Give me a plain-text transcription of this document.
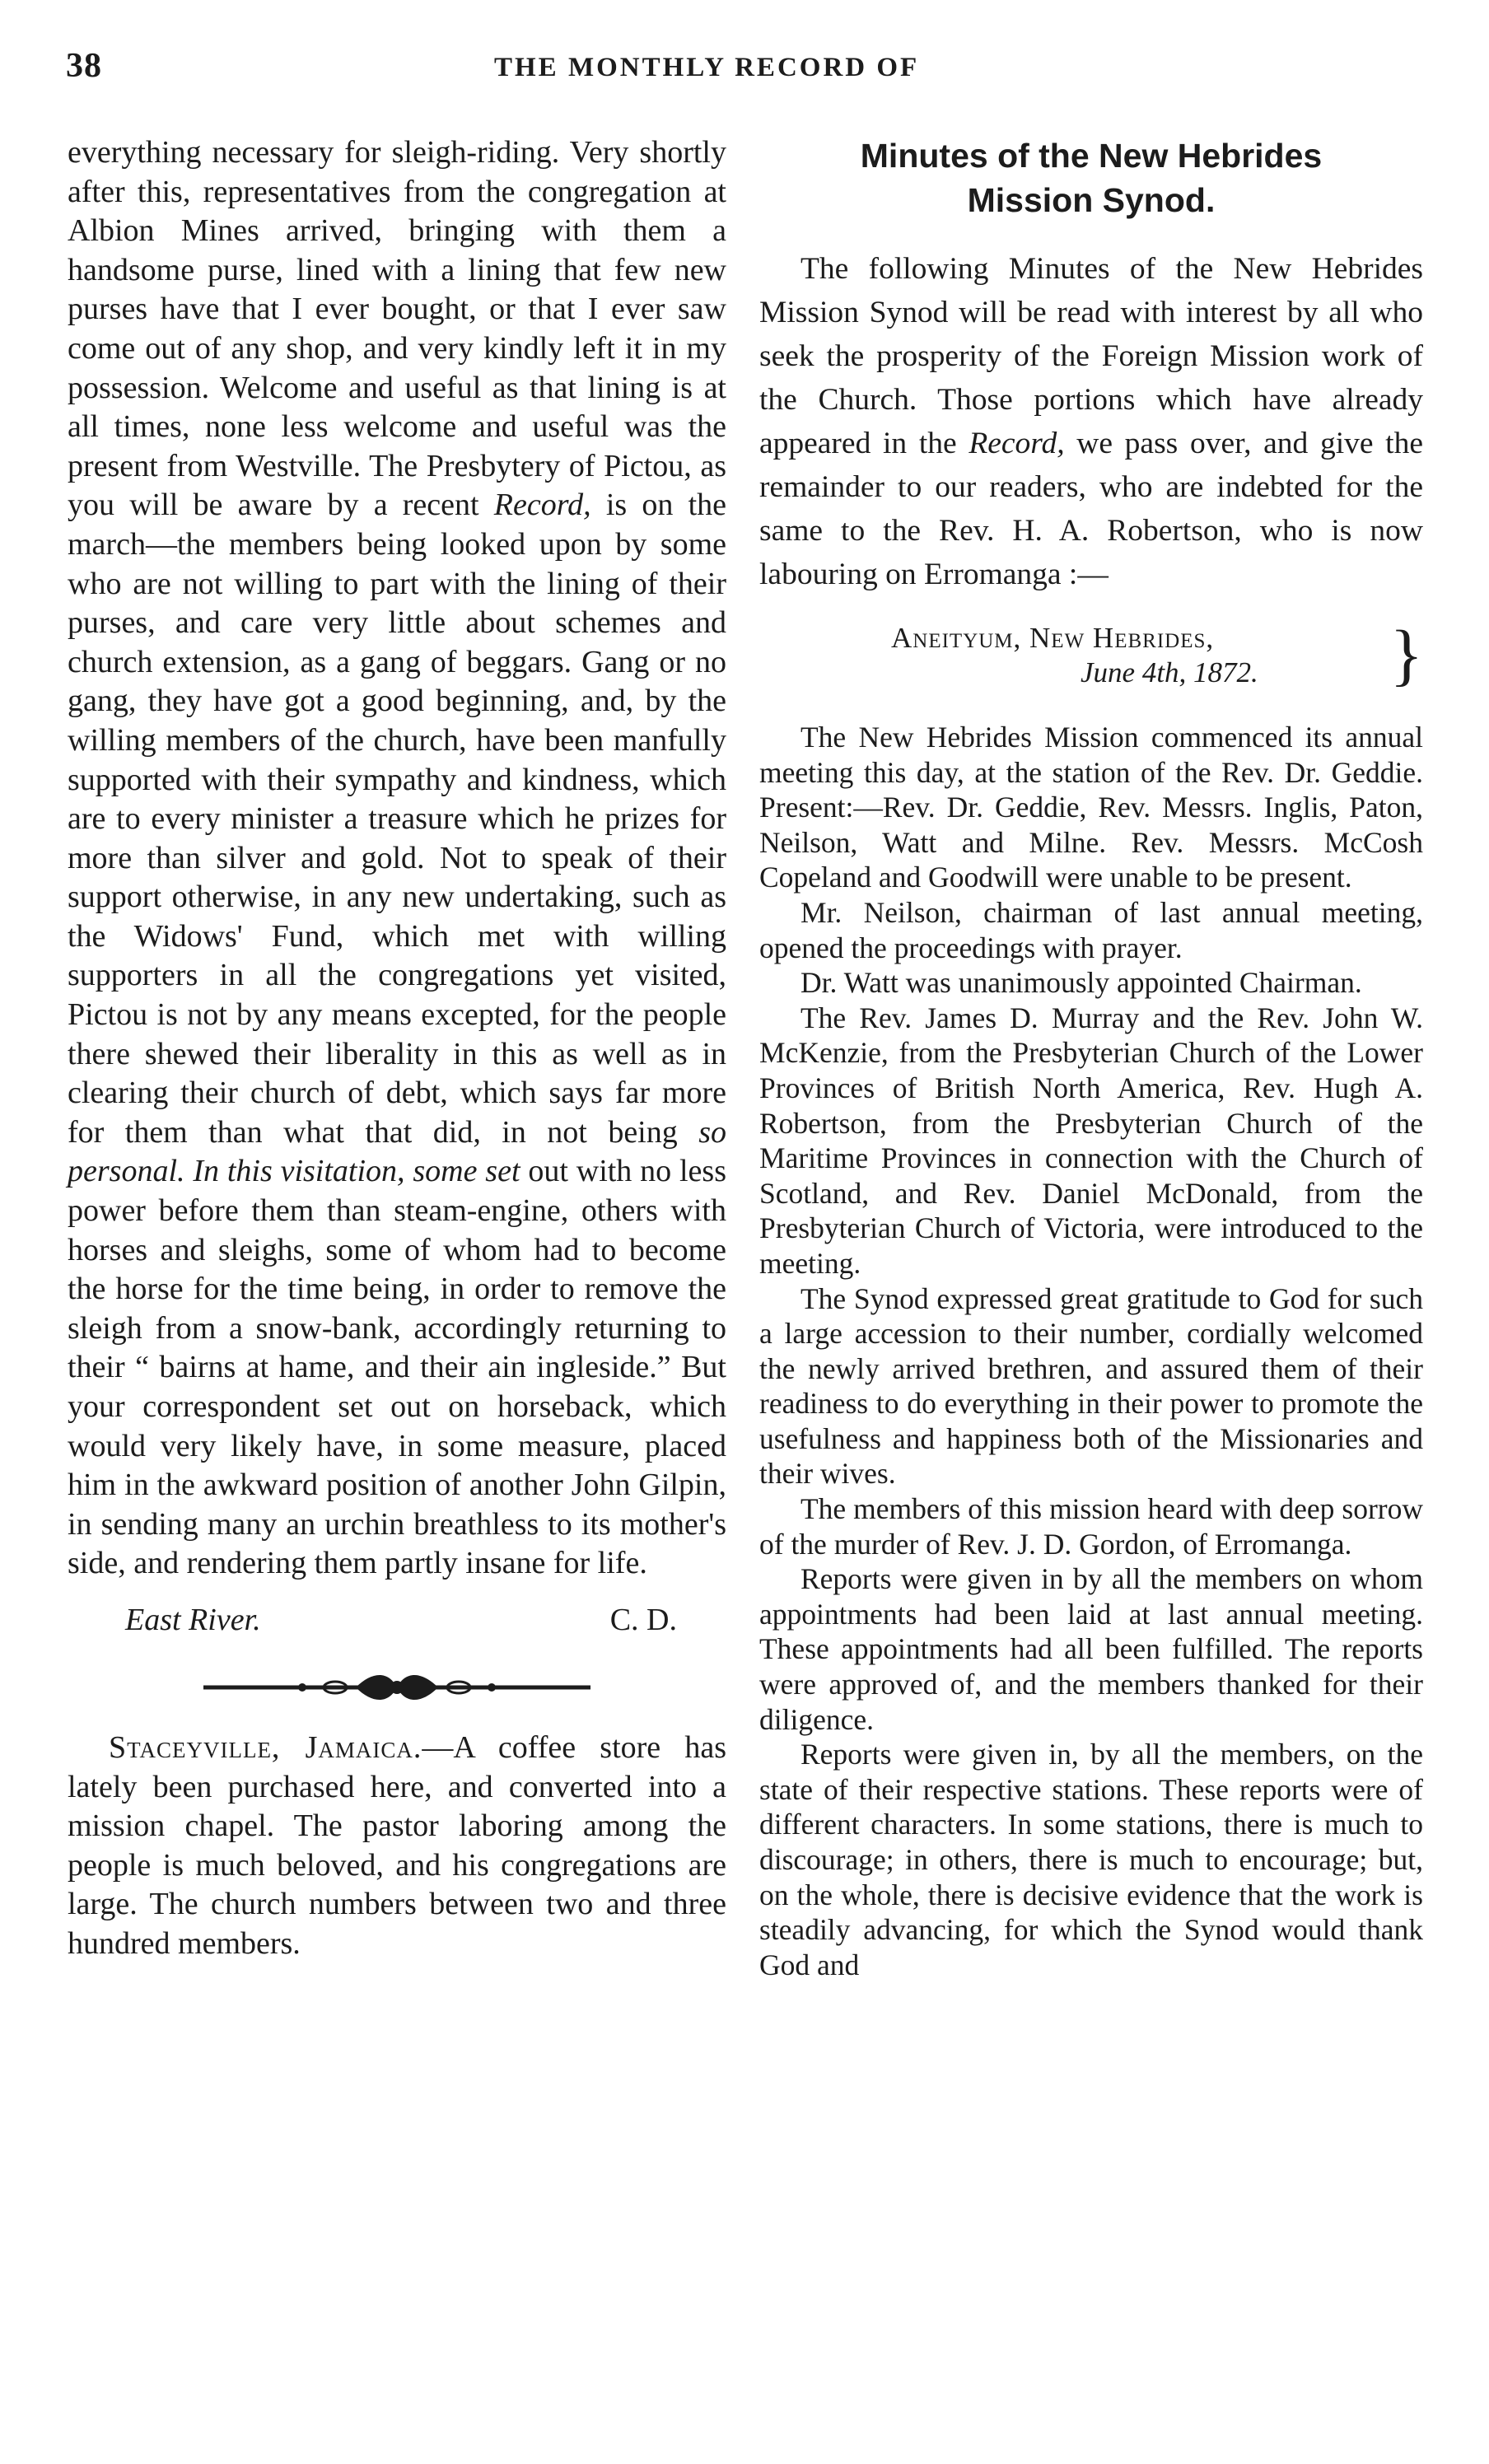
38	THE MONTHLY RECORD OF

everything necessary for sleigh-riding. Very shortly after this, representatives from the congregation at Albion Mines arrived, bringing with them a handsome purse, lined with a lining that few new purses have that I ever bought, or that I ever saw come out of any shop, and very kindly left it in my possession. Welcome and useful as that lining is at all times, none less welcome and useful was the present from Westville. The Presbytery of Pictou, as you will be aware by a recent Record, is on the march—the members being looked upon by some who are not willing to part with the lining of their purses, and care very little about schemes and church extension, as a gang of beggars. Gang or no gang, they have got a good beginning, and, by the willing members of the church, have been manfully supported with their sympathy and kindness, which are to every minister a treasure which he prizes for more than silver and gold. Not to speak of their support otherwise, in any new undertaking, such as the Widows' Fund, which met with willing supporters in all the congregations yet visited, Pictou is not by any means excepted, for the people there shewed their liberality in this as well as in clearing their church of debt, which says far more for them than what that did, in not being so personal. In this visitation, some set out with no less power before them than steam-engine, others with horses and sleighs, some of whom had to become the horse for the time being, in order to remove the sleigh from a snow-bank, accordingly returning to their “ bairns at hame, and their ain ingleside.” But your correspondent set out on horseback, which would very likely have, in some measure, placed him in the awkward position of another John Gilpin, in sending many an urchin breathless to its mother's side, and rendering them partly insane for life.

East River.	C. D.

Staceyville, Jamaica.—A coffee store has lately been purchased here, and converted into a mission chapel. The pastor laboring among the people is much beloved, and his congregations are large. The church numbers between two and three hundred members.

Minutes of the New Hebrides
Mission Synod.

The following Minutes of the New Hebrides Mission Synod will be read with interest by all who seek the prosperity of the Foreign Mission work of the Church. Those portions which have already appeared in the Record, we pass over, and give the remainder to our readers, who are indebted for the same to the Rev. H. A. Robertson, who is now labouring on Erromanga :—

Aneityum, New Hebrides,
June 4th, 1872.	}

The New Hebrides Mission commenced its annual meeting this day, at the station of the Rev. Dr. Geddie. Present:—Rev. Dr. Geddie, Rev. Messrs. Inglis, Paton, Neilson, Watt and Milne. Rev. Messrs. McCosh Copeland and Goodwill were unable to be present.

Mr. Neilson, chairman of last annual meeting, opened the proceedings with prayer.

Dr. Watt was unanimously appointed Chairman.

The Rev. James D. Murray and the Rev. John W. McKenzie, from the Presbyterian Church of the Lower Provinces of British North America, Rev. Hugh A. Robertson, from the Presbyterian Church of the Maritime Provinces in connection with the Church of Scotland, and Rev. Daniel McDonald, from the Presbyterian Church of Victoria, were introduced to the meeting.

The Synod expressed great gratitude to God for such a large accession to their number, cordially welcomed the newly arrived brethren, and assured them of their readiness to do everything in their power to promote the usefulness and happiness both of the Missionaries and their wives.

The members of this mission heard with deep sorrow of the murder of Rev. J. D. Gordon, of Erromanga.

Reports were given in by all the members on whom appointments had been laid at last annual meeting. These appointments had all been fulfilled. The reports were approved of, and the members thanked for their diligence.

Reports were given in, by all the members, on the state of their respective stations. These reports were of different characters. In some stations, there is much to discourage; in others, there is much to encourage; but, on the whole, there is decisive evidence that the work is steadily advancing, for which the Synod would thank God and
